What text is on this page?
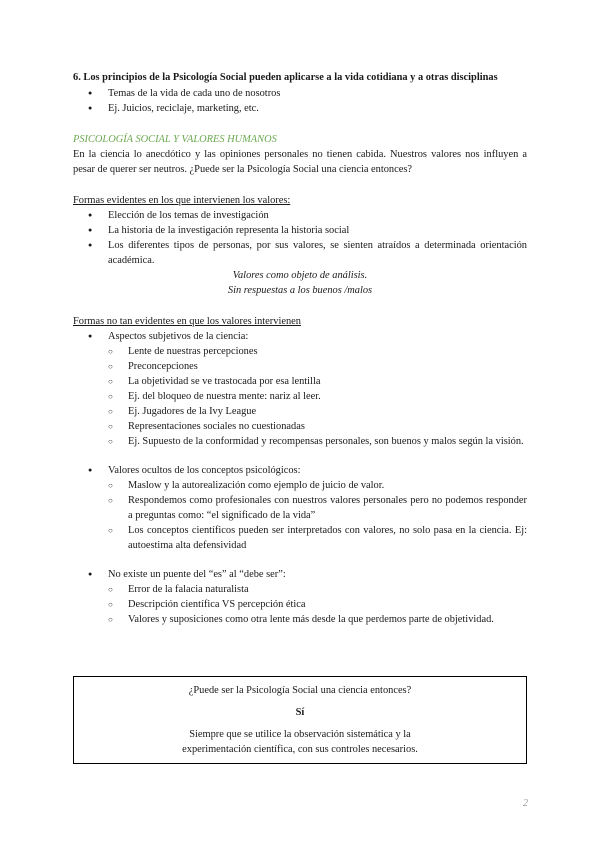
6. Los principios de la Psicología Social pueden aplicarse a la vida cotidiana y a otras disciplinas
● Temas de la vida de cada uno de nosotros
● Ej. Juicios, reciclaje, marketing, etc.
PSICOLOGÍA SOCIAL Y VALORES HUMANOS

En la ciencia lo anecdótico y las opiniones personales no tienen cabida. Nuestros valores nos influyen a pesar de querer ser neutros. ¿Puede ser la Psicología Social una ciencia entonces?

Formas evidentes en los que intervienen los valores:

● Elección de los temas de investigación
● La historia de la investigación representa la historia social
● Los diferentes tipos de personas, por sus valores, se sienten atraídos a determinada orientación académica.

Valores como objeto de análisis.

Sin respuestas a los buenos /malos

Formas no tan evidentes en que los valores intervienen

● Aspectos subjetivos de la ciencia:
○ Lente de nuestras percepciones
○ Preconcepciones
○ La objetividad se ve trastocada por esa lentilla
○ Ej. del bloqueo de nuestra mente: nariz al leer.
○ Ej. Jugadores de la Ivy League
○ Representaciones sociales no cuestionadas
○ Ej. Supuesto de la conformidad y recompensas personales, son buenos y malos según la visión.
● Valores ocultos de los conceptos psicológicos:
○ Maslow y la autorealización como ejemplo de juicio de valor.
○ Respondemos como profesionales con nuestros valores personales pero no podemos responder a preguntas como: “el significado de la vida”
○ Los conceptos científicos pueden ser interpretados con valores, no solo pasa en la ciencia. Ej: autoestima alta defensividad
● No existe un puente del “es” al “debe ser”:
○ Error de la falacia naturalista
○ Descripción científica VS percepción ética
○ Valores y suposiciones como otra lente más desde la que perdemos parte de objetividad.

¿Puede ser la Psicología Social una ciencia entonces?

Sí

Siempre que se utilice la observación sistemática y la

experimentación científica, con sus controles necesarios.

2
